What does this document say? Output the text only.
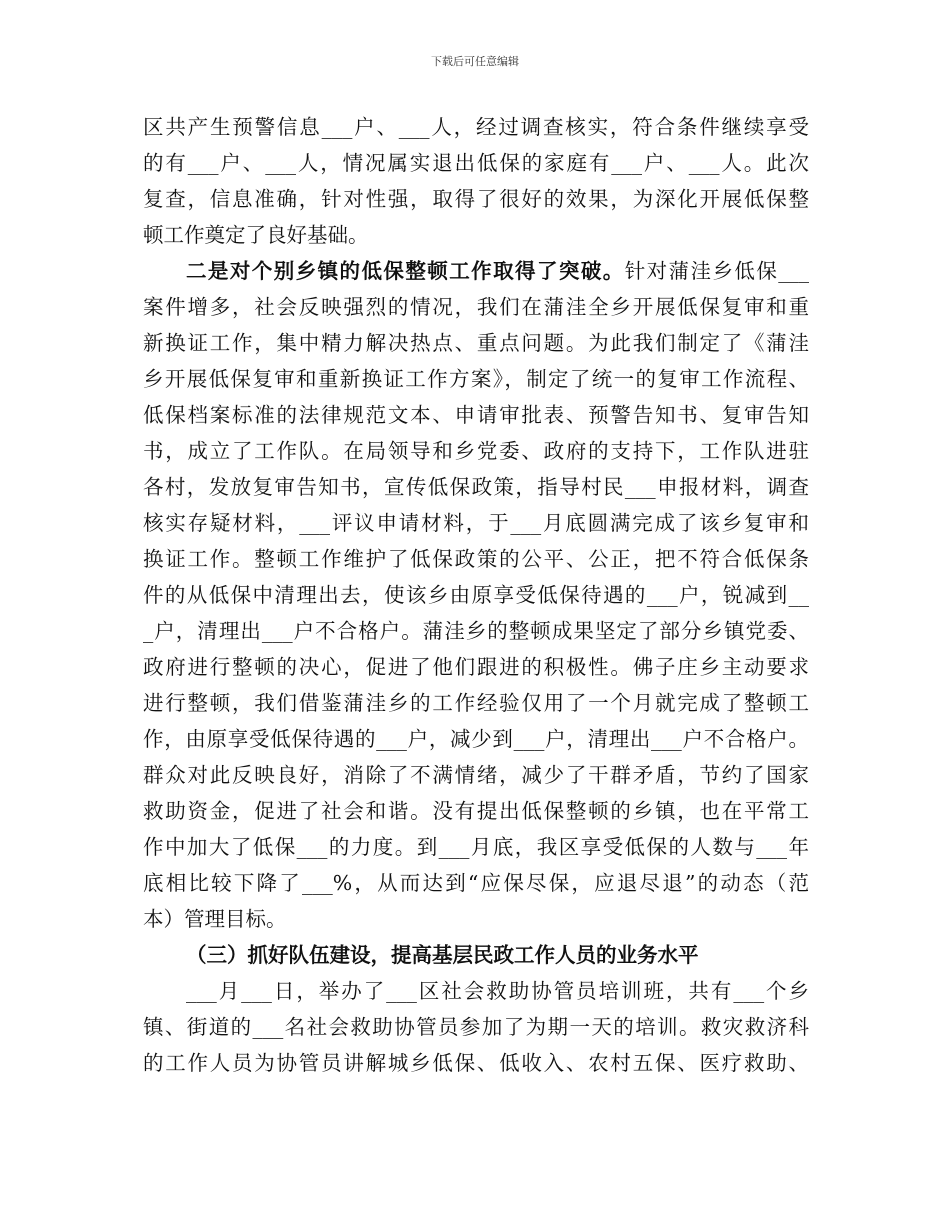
下载后可任意编辑
区共产生预警信息___户、___人，经过调查核实，符合条件继续享受
的有___户、___人，情况属实退出低保的家庭有___户、___人。此次
复查，信息准确，针对性强，取得了很好的效果，为深化开展低保整
顿工作奠定了良好基础。
二是对个别乡镇的低保整顿工作取得了突破。针对蒲洼乡低保___
案件增多，社会反映强烈的情况，我们在蒲洼全乡开展低保复审和重
新换证工作，集中精力解决热点、重点问题。为此我们制定了《蒲洼
乡开展低保复审和重新换证工作方案》，制定了统一的复审工作流程、
低保档案标准的法律规范文本、申请审批表、预警告知书、复审告知
书，成立了工作队。在局领导和乡党委、政府的支持下，工作队进驻
各村，发放复审告知书，宣传低保政策，指导村民___申报材料，调查
核实存疑材料，___评议申请材料，于___月底圆满完成了该乡复审和
换证工作。整顿工作维护了低保政策的公平、公正，把不符合低保条
件的从低保中清理出去，使该乡由原享受低保待遇的___户，锐减到__
_户，清理出___户不合格户。蒲洼乡的整顿成果坚定了部分乡镇党委、
政府进行整顿的决心，促进了他们跟进的积极性。佛子庄乡主动要求
进行整顿，我们借鉴蒲洼乡的工作经验仅用了一个月就完成了整顿工
作，由原享受低保待遇的___户，减少到___户，清理出___户不合格户。
群众对此反映良好，消除了不满情绪，减少了干群矛盾，节约了国家
救助资金，促进了社会和谐。没有提出低保整顿的乡镇，也在平常工
作中加大了低保___的力度。到___月底，我区享受低保的人数与___年
底相比较下降了___%，从而达到“应保尽保，应退尽退”的动态（范
本）管理目标。
（三）抓好队伍建设，提高基层民政工作人员的业务水平
___月___日，举办了___区社会救助协管员培训班，共有___个乡
镇、街道的___名社会救助协管员参加了为期一天的培训。救灾救济科
的工作人员为协管员讲解城乡低保、低收入、农村五保、医疗救助、
